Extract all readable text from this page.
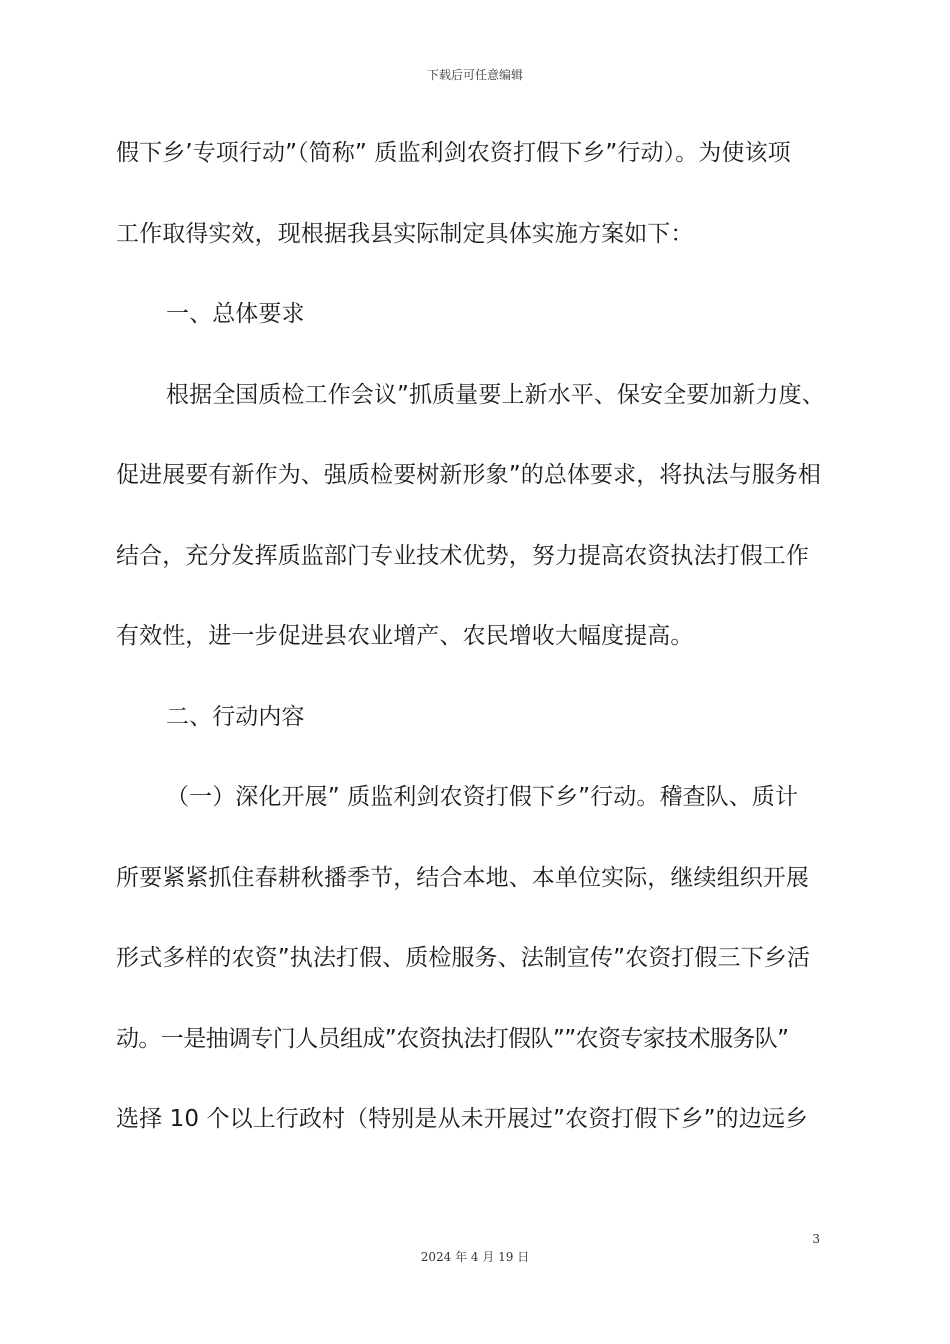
下载后可任意编辑
假下乡’专项行动”（简称” 质监利剑农资打假下乡”行动）。为使该项
工作取得实效，现根据我县实际制定具体实施方案如下：
一、总体要求
根据全国质检工作会议”抓质量要上新水平、保安全要加新力度、
促进展要有新作为、强质检要树新形象”的总体要求，将执法与服务相
结合，充分发挥质监部门专业技术优势，努力提高农资执法打假工作
有效性，进一步促进县农业增产、农民增收大幅度提高。
二、行动内容
（一）深化开展” 质监利剑农资打假下乡”行动。稽查队、质计
所要紧紧抓住春耕秋播季节，结合本地、本单位实际，继续组织开展
形式多样的农资”执法打假、质检服务、法制宣传”农资打假三下乡活
动。一是抽调专门人员组成”农资执法打假队””农资专家技术服务队”
选择 10 个以上行政村（特别是从未开展过”农资打假下乡”的边远乡
3
2024 年 4 月 19 日
